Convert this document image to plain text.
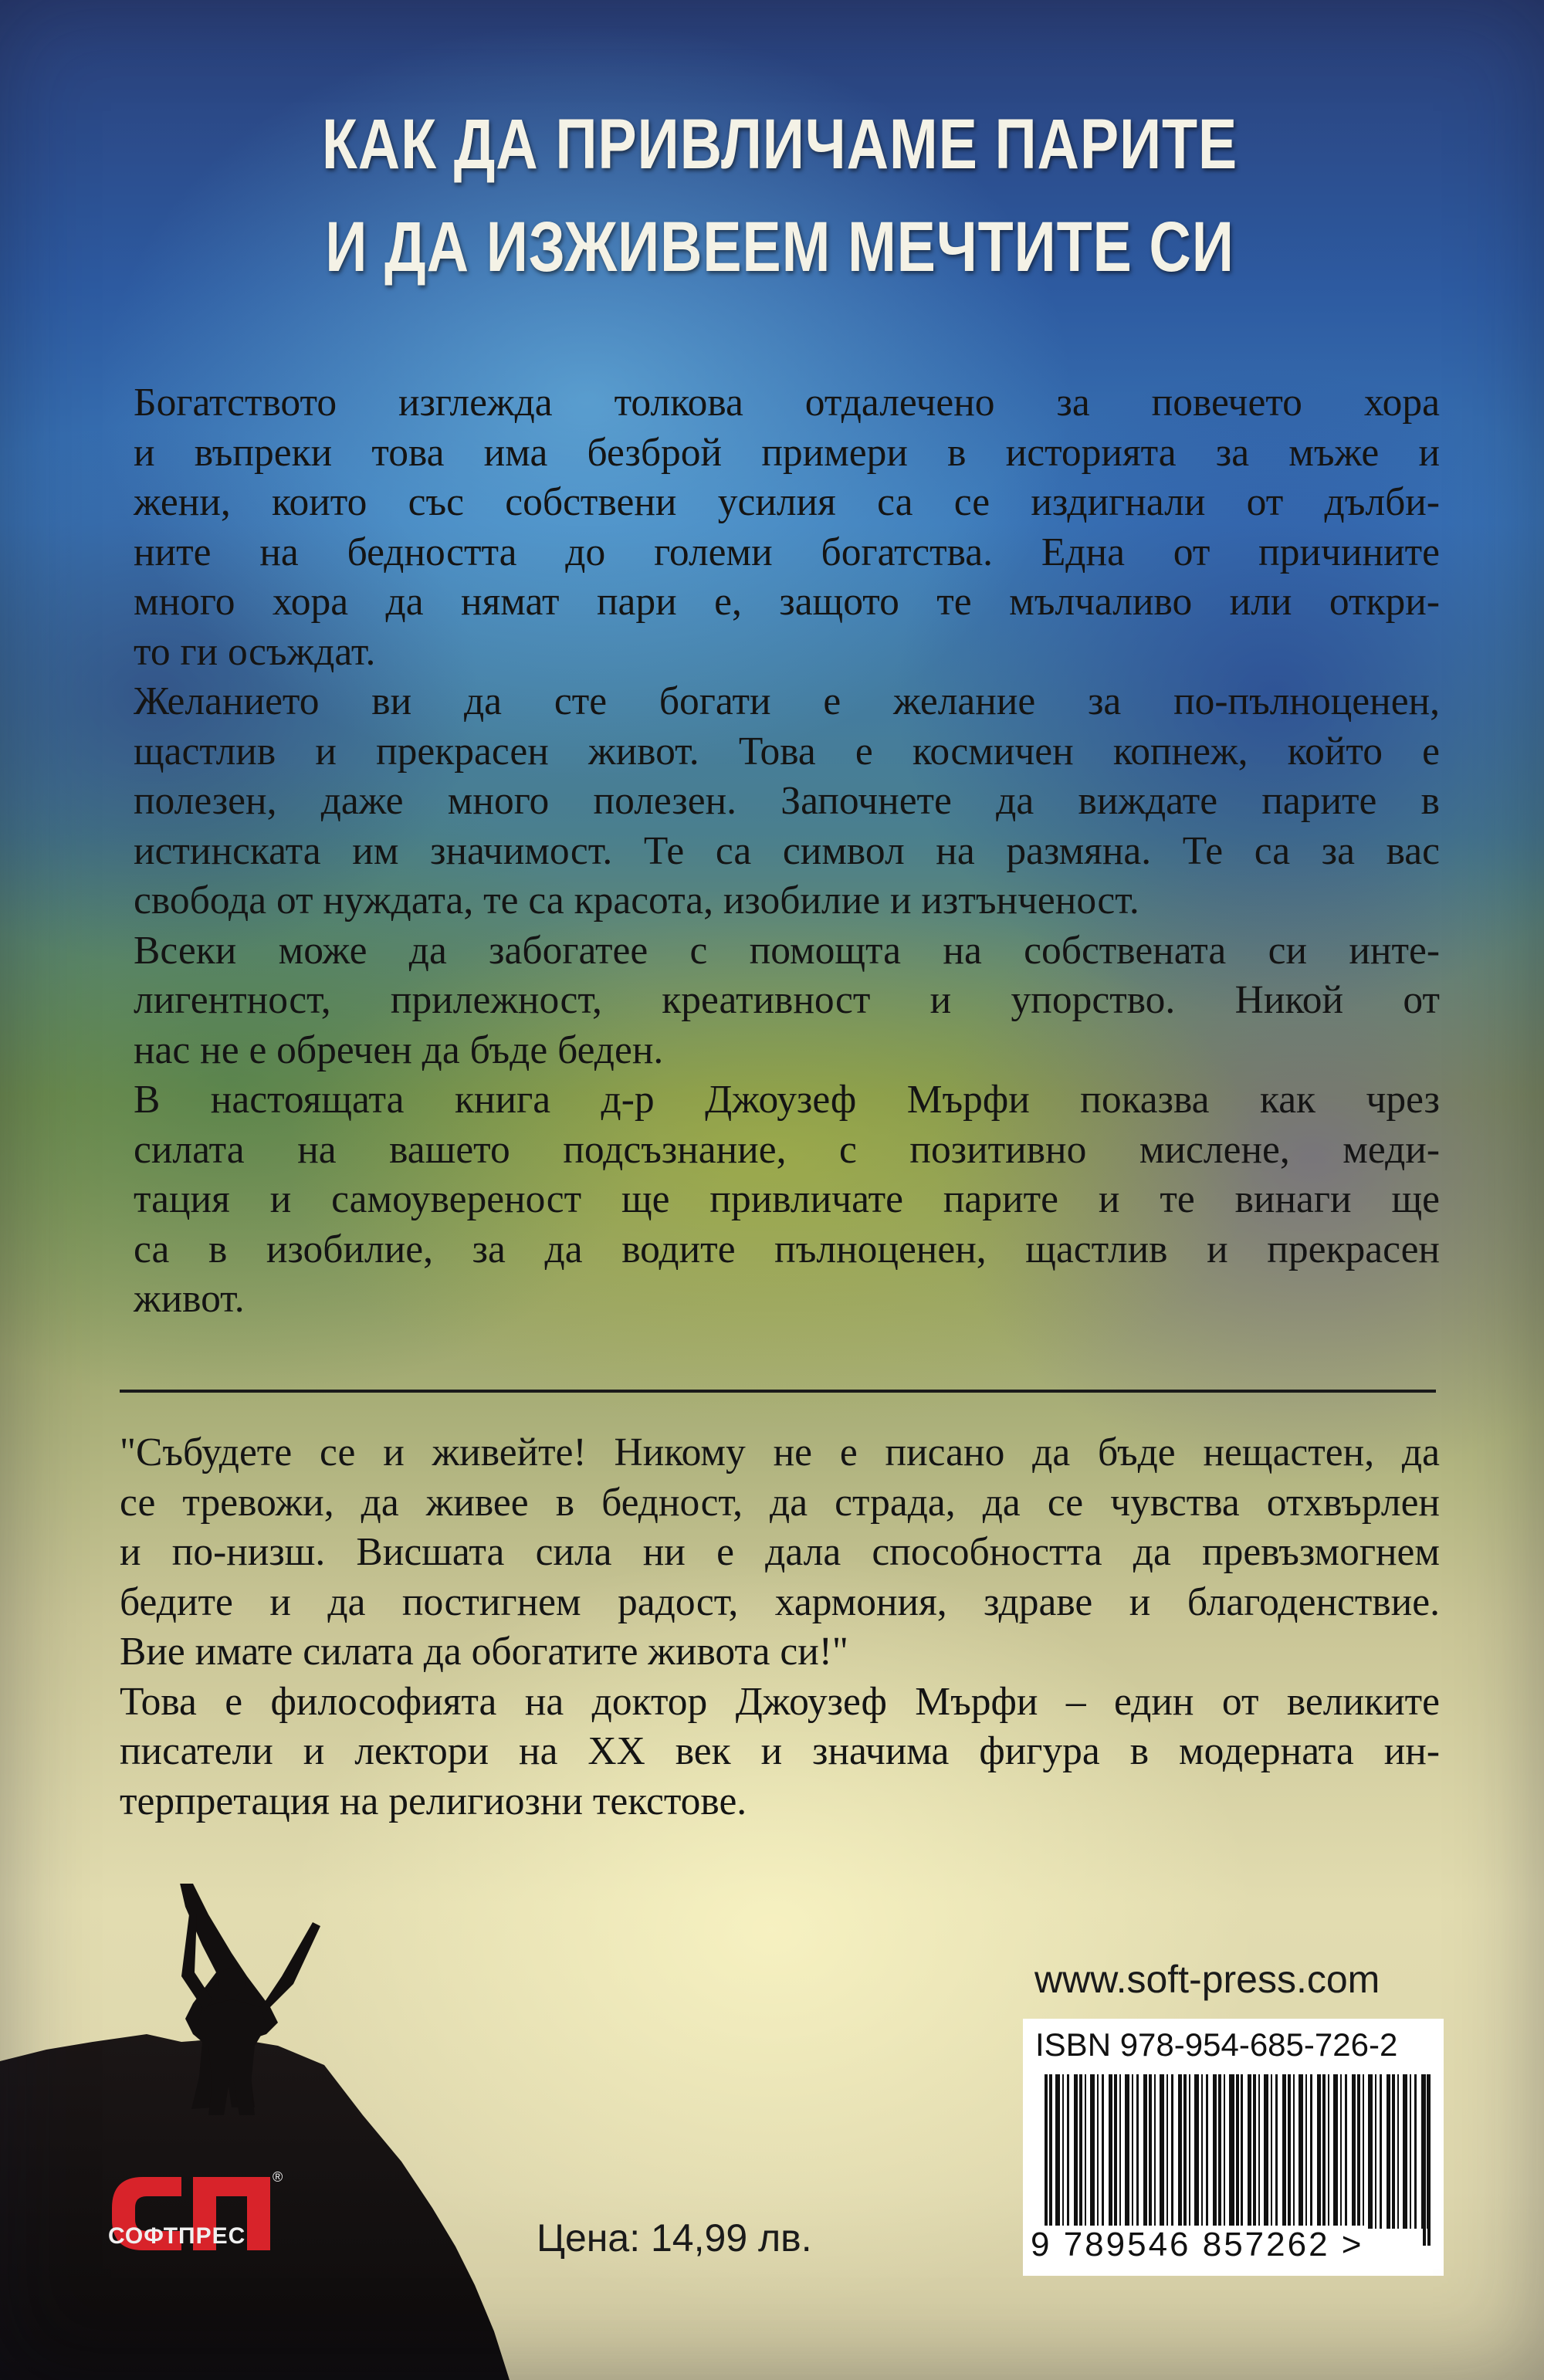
КАК ДА ПРИВЛИЧАМЕ ПАРИТЕ
И ДА ИЗЖИВЕЕМ МЕЧТИТЕ СИ
Богатството изглежда толкова отдалечено за повечето хора
и въпреки това има безброй примери в историята за мъже и
жени, които със собствени усилия са се издигнали от дълби-
ните на бедността до големи богатства. Една от причините
много хора да нямат пари е, защото те мълчаливо или откри-
то ги осъждат.
Желанието ви да сте богати е желание за по-пълноценен,
щастлив и прекрасен живот. Това е космичен копнеж, който е
полезен, даже много полезен. Започнете да виждате парите в
истинската им значимост. Те са символ на размяна. Те са за вас
свобода от нуждата, те са красота, изобилие и изтънченост.
Всеки може да забогатее с помощта на собствената си инте-
лигентност, прилежност, креативност и упорство. Никой от
нас не е обречен да бъде беден.
В настоящата книга д-р Джоузеф Мърфи показва как чрез
силата на вашето подсъзнание, с позитивно мислене, меди-
тация и самоувереност ще привличате парите и те винаги ще
са в изобилие, за да водите пълноценен, щастлив и прекрасен
живот.
"Събудете се и живейте! Никому не е писано да бъде нещастен, да
се тревожи, да живее в бедност, да страда, да се чувства отхвърлен
и по-низш. Висшата сила ни е дала способността да превъзмогнем
бедите и да постигнем радост, хармония, здраве и благоденствие.
Вие имате силата да обогатите живота си!"
Това е философията на доктор Джоузеф Мърфи – един от великите
писатели и лектори на XX век и значима фигура в модерната ин-
терпретация на религиозни текстове.
®
СОФТПРЕС	Цена: 14,99 лв.
www.soft-press.com
ISBN 978-954-685-726-2
9 789546 857262 >
